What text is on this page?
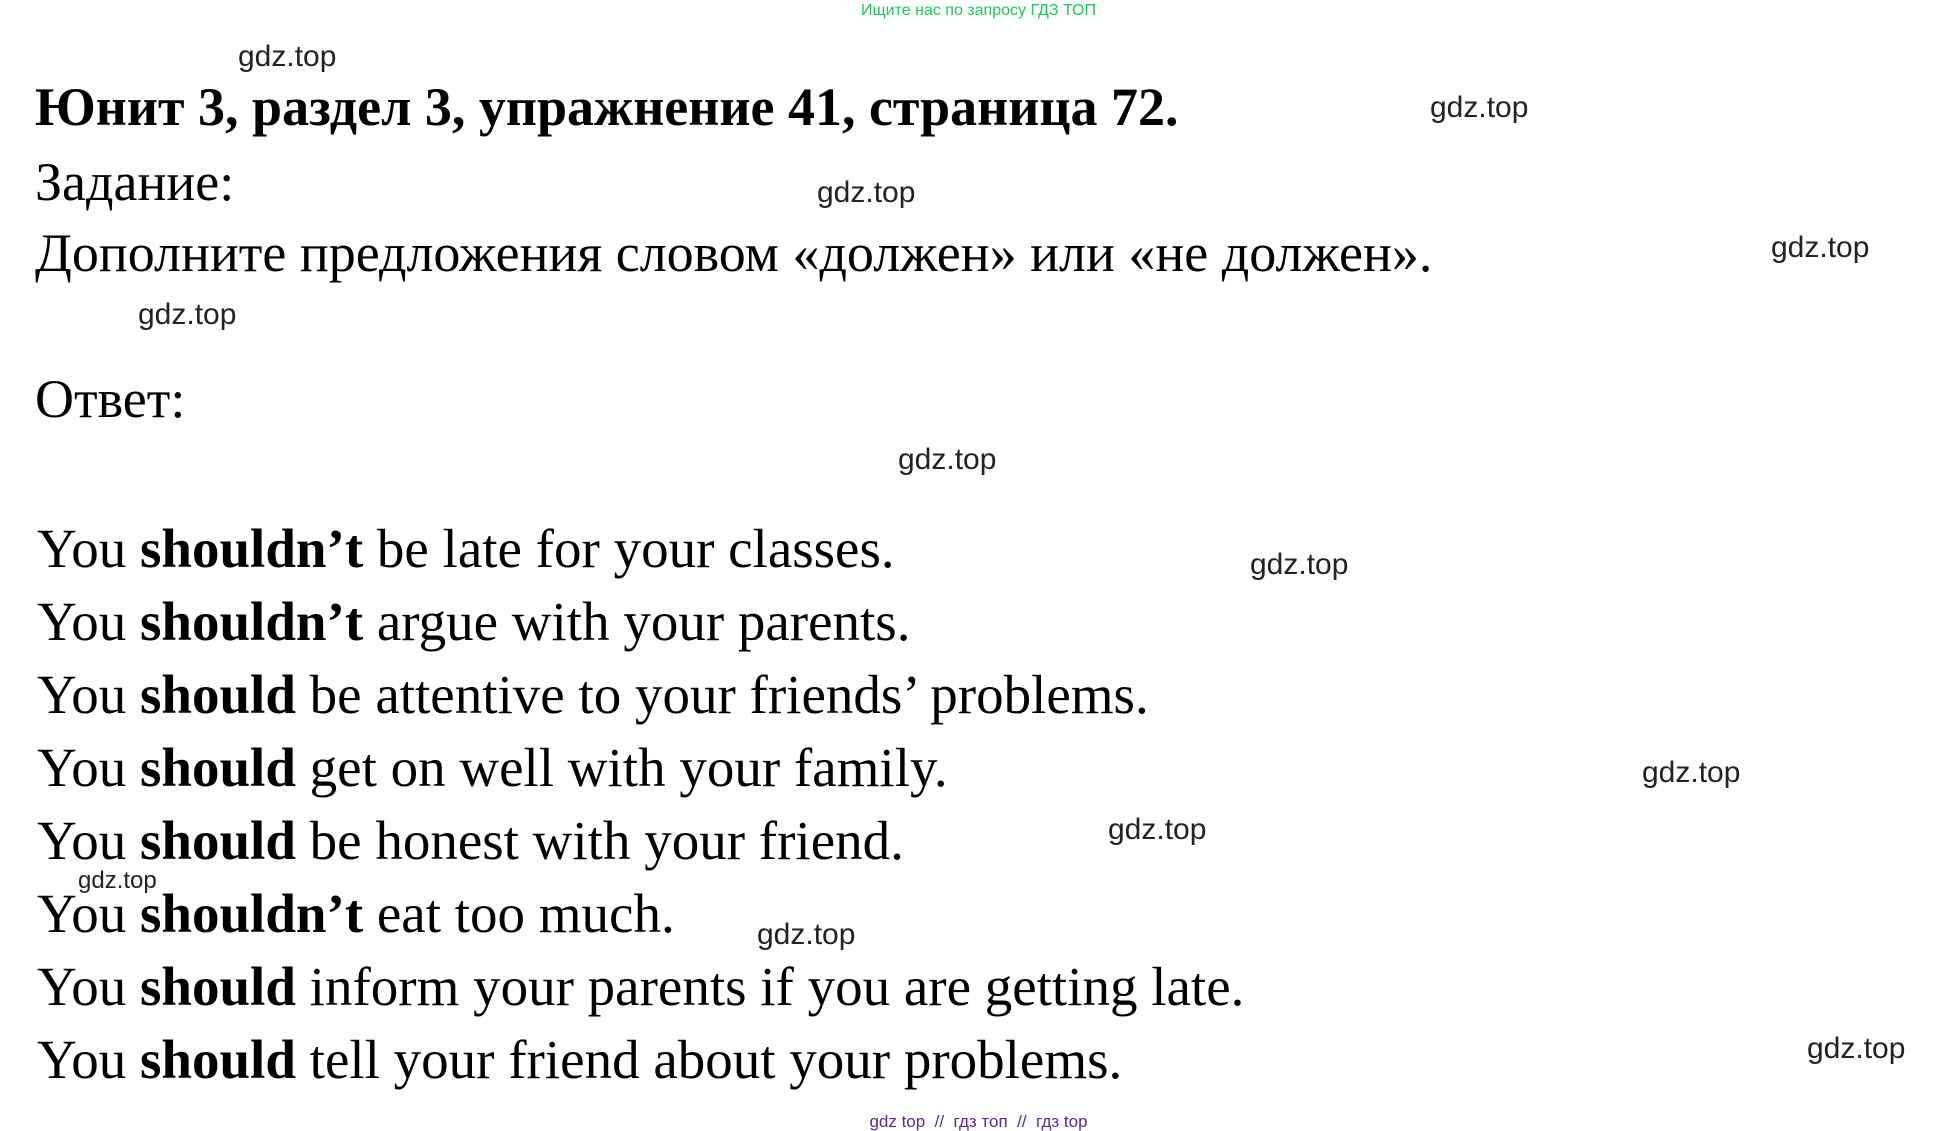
Ищите нас по запросу ГДЗ ТОП
gdz.top
gdz.top
gdz.top
gdz.top
gdz.top
gdz.top
gdz.top
gdz.top
gdz.top
gdz.top
gdz.top
gdz.top
Юнит 3, раздел 3, упражнение 41, страница 72.
Задание:
Дополните предложения словом «должен» или «не должен».
Ответ:
You shouldn’t be late for your classes.
You shouldn’t argue with your parents.
You should be attentive to your friends’ problems.
You should get on well with your family.
You should be honest with your friend.
You shouldn’t eat too much.
You should inform your parents if you are getting late.
You should tell your friend about your problems.
gdz top  //  гдз топ  //  гдз top
